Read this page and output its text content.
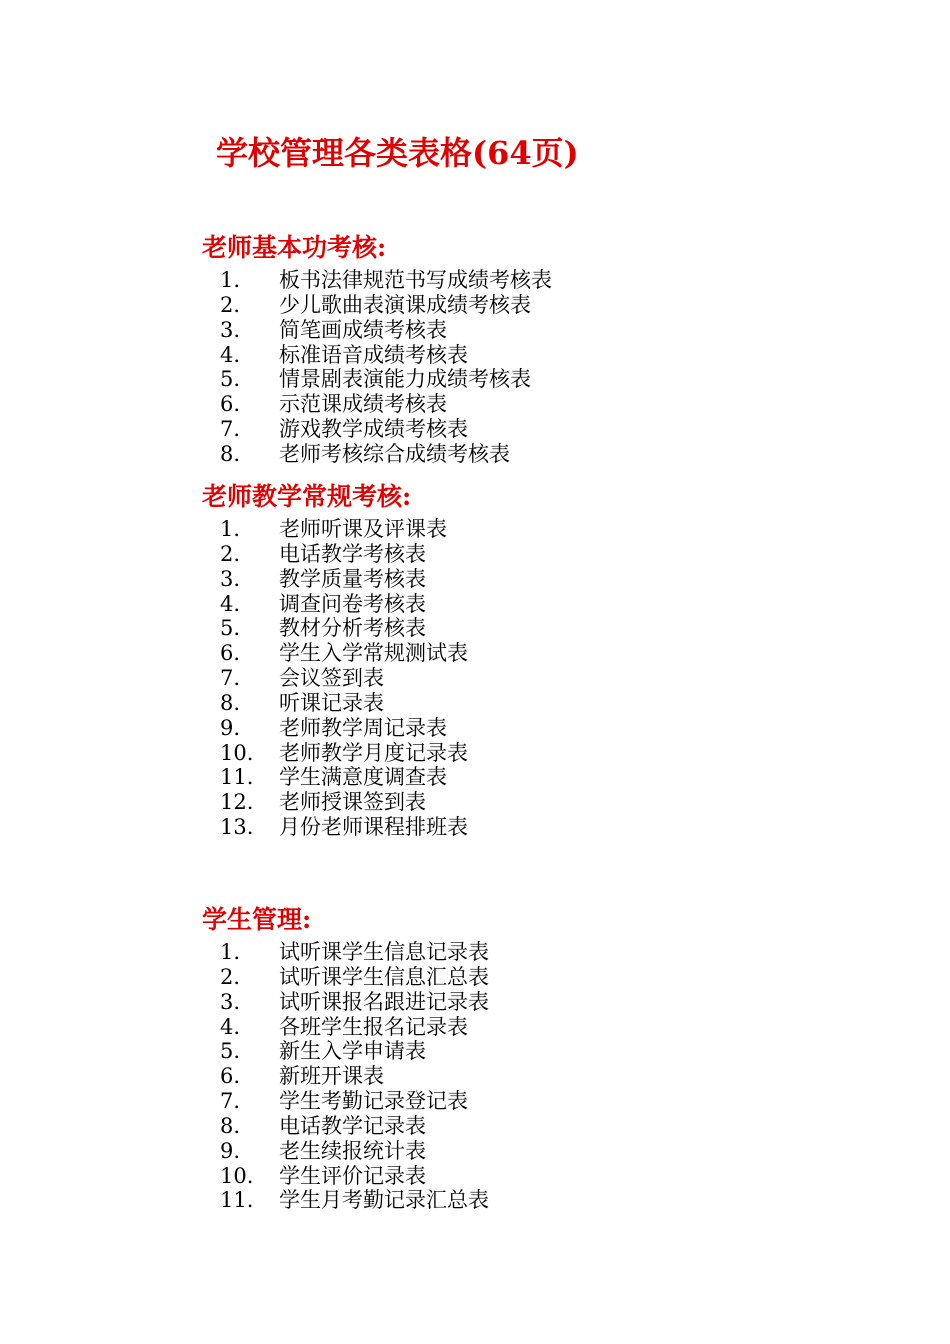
学校管理各类表格(64页)
老师基本功考核:
1. 板书法律规范书写成绩考核表
2. 少儿歌曲表演课成绩考核表
3. 简笔画成绩考核表
4. 标准语音成绩考核表
5. 情景剧表演能力成绩考核表
6. 示范课成绩考核表
7. 游戏教学成绩考核表
8. 老师考核综合成绩考核表
老师教学常规考核:
1. 老师听课及评课表
2. 电话教学考核表
3. 教学质量考核表
4. 调查问卷考核表
5. 教材分析考核表
6. 学生入学常规测试表
7. 会议签到表
8. 听课记录表
9. 老师教学周记录表
10. 老师教学月度记录表
11. 学生满意度调查表
12. 老师授课签到表
13. 月份老师课程排班表
学生管理:
1. 试听课学生信息记录表
2. 试听课学生信息汇总表
3. 试听课报名跟进记录表
4. 各班学生报名记录表
5. 新生入学申请表
6. 新班开课表
7. 学生考勤记录登记表
8. 电话教学记录表
9. 老生续报统计表
10. 学生评价记录表
11. 学生月考勤记录汇总表
